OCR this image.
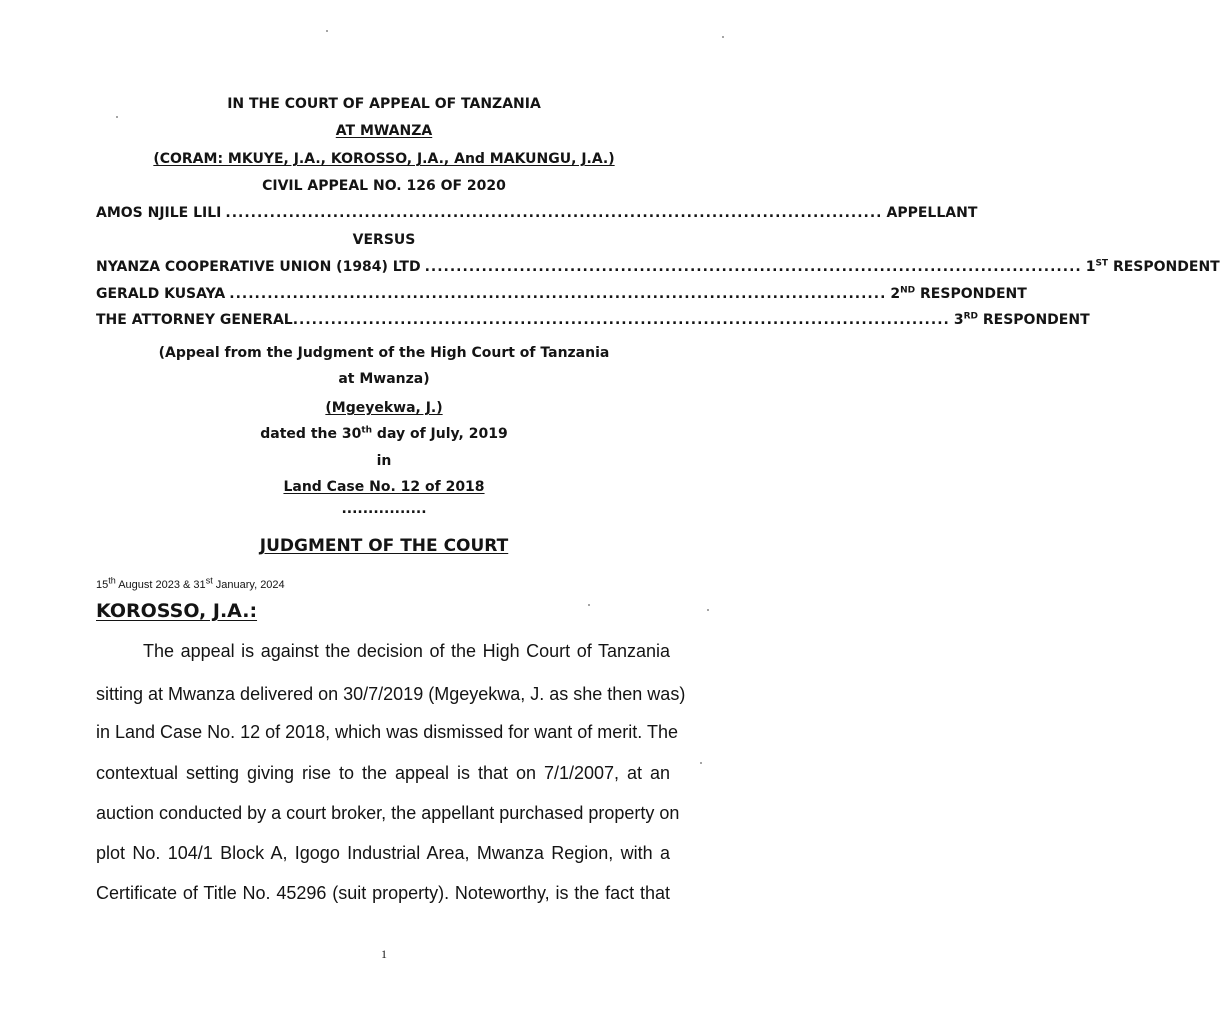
IN THE COURT OF APPEAL OF TANZANIA
AT MWANZA
(CORAM: MKUYE, J.A., KOROSSO, J.A., And MAKUNGU, J.A.)
CIVIL APPEAL NO. 126 OF 2020
AMOS NJILE LILI ........................................................................................................ APPELLANT
VERSUS
NYANZA COOPERATIVE UNION (1984) LTD ........................................................................................................ 1ST RESPONDENT
GERALD KUSAYA ........................................................................................................ 2ND RESPONDENT
THE ATTORNEY GENERAL ........................................................................................................ 3RD RESPONDENT
(Appeal from the Judgment of the High Court of Tanzania
at Mwanza)
(Mgeyekwa, J.)
dated the 30th day of July, 2019
in
Land Case No. 12 of 2018
................
JUDGMENT OF THE COURT
15th August 2023 & 31st January, 2024
KOROSSO, J.A.:
The appeal is against the decision of the High Court of Tanzania
sitting at Mwanza delivered on 30/7/2019 (Mgeyekwa, J. as she then was)
in Land Case No. 12 of 2018, which was dismissed for want of merit. The
contextual setting giving rise to the appeal is that on 7/1/2007, at an
auction conducted by a court broker, the appellant purchased property on
plot No. 104/1 Block A, Igogo Industrial Area, Mwanza Region, with a
Certificate of Title No. 45296 (suit property). Noteworthy, is the fact that
1
